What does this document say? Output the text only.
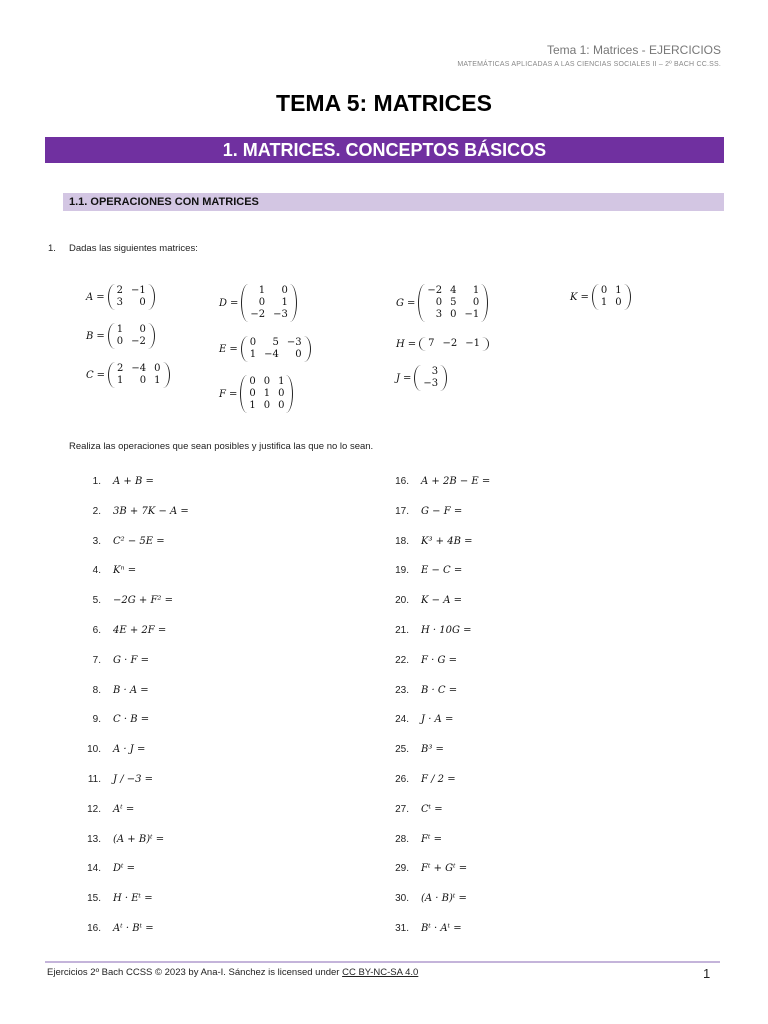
Tema 1: Matrices - EJERCICIOS
MATEMÁTICAS APLICADAS A LAS CIENCIAS SOCIALES II – 2º BACH CC.SS.
TEMA 5: MATRICES
1. MATRICES. CONCEPTOS BÁSICOS
1.1. OPERACIONES CON MATRICES
1. Dadas las siguientes matrices:
A =
2	−1
3	0
B =
1	0
0	−2
C =
2	−4	0
1	0	1
D =
1	0
0	1
−2	−3
E =
0	5	−3
1	−4	0
F =
0	0	1
0	1	0
1	0	0
G =
−2	4	1
0	5	0
3	0	−1
H = 7	−2	−1
J =
3
−3
K =
0	1
1	0
Realiza las operaciones que sean posibles y justifica las que no lo sean.
1. A + B =
2. 3B + 7K − A =
3. C² − 5E =
4. Kⁿ =
5. −2G + F² =
6. 4E + 2F =
7. G · F =
8. B · A =
9. C · B =
10. A · J =
11. J / −3 =
12. Aᵗ =
13. (A + B)ᵗ =
14. Dᵗ =
15. H · Eᵗ =
16. Aᵗ · Bᵗ =
16. A + 2B − E =
17. G − F =
18. K³ + 4B =
19. E − C =
20. K − A =
21. H · 10G =
22. F · G =
23. B · C =
24. J · A =
25. B³ =
26. F / 2 =
27. Cᵗ =
28. Fᵗ =
29. Fᵗ + Gᵗ =
30. (A · B)ᵗ =
31. Bᵗ · Aᵗ =
Ejercicios 2º Bach CCSS © 2023 by Ana-I. Sánchez is licensed under CC BY-NC-SA 4.0	1
